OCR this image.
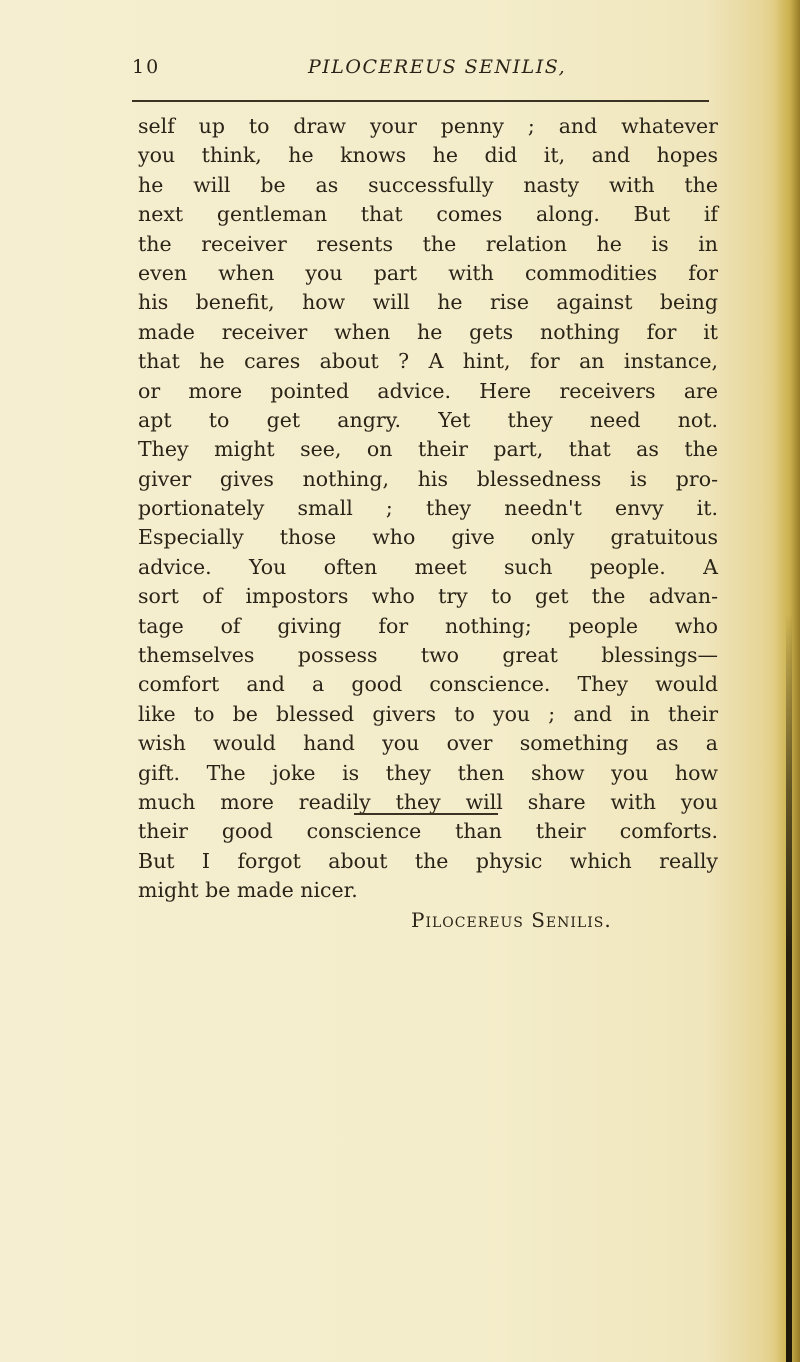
10	PILOCEREUS SENILIS,
self up to draw your penny ; and whatever
you think, he knows he did it, and hopes
he will be as successfully nasty with the
next gentleman that comes along. But if
the receiver resents the relation he is in
even when you part with commodities for
his benefit, how will he rise against being
made receiver when he gets nothing for it
that he cares about ? A hint, for an instance,
or more pointed advice. Here receivers are
apt to get angry. Yet they need not.
They might see, on their part, that as the
giver gives nothing, his blessedness is pro-
portionately small ; they needn't envy it.
Especially those who give only gratuitous
advice. You often meet such people. A
sort of impostors who try to get the advan-
tage of giving for nothing; people who
themselves possess two great blessings—
comfort and a good conscience. They would
like to be blessed givers to you ; and in their
wish would hand you over something as a
gift. The joke is they then show you how
much more readily they will share with you
their good conscience than their comforts.
But I forgot about the physic which really
might be made nicer.
Pilocereus Senilis.
